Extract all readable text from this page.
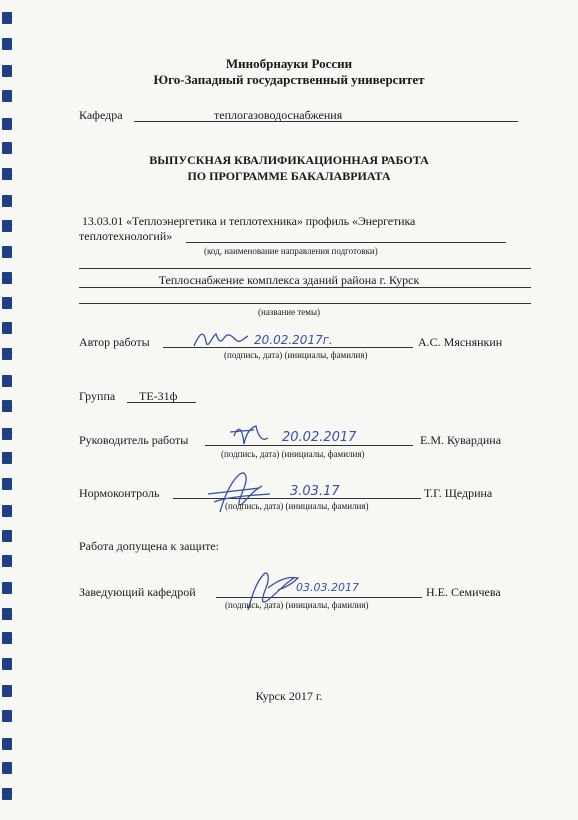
Минобрнауки России
Юго-Западный государственный университет
Кафедра	теплогазоводоснабжения
ВЫПУСКНАЯ КВАЛИФИКАЦИОННАЯ РАБОТА
ПО ПРОГРАММЕ БАКАЛАВРИАТА
13.03.01 «Теплоэнергетика и теплотехника» профиль «Энергетика
теплотехнологий»
(код, наименование направления подготовки)
Теплоснабжение комплекса зданий района г. Курск
(название темы)
Автор работы	20.02.2017г.	А.С. Мяснянкин
(подпись, дата) (инициалы, фамилия)
Группа ТЕ-31ф
Руководитель работы	20.02.2017	Е.М. Кувардина
(подпись, дата) (инициалы, фамилия)
Нормоконтроль	3.03.17	Т.Г. Щедрина
(подпись, дата) (инициалы, фамилия)
Работа допущена к защите:
Заведующий кафедрой	03.03.2017	Н.Е. Семичева
(подпись, дата) (инициалы, фамилия)
Курск 2017 г.
